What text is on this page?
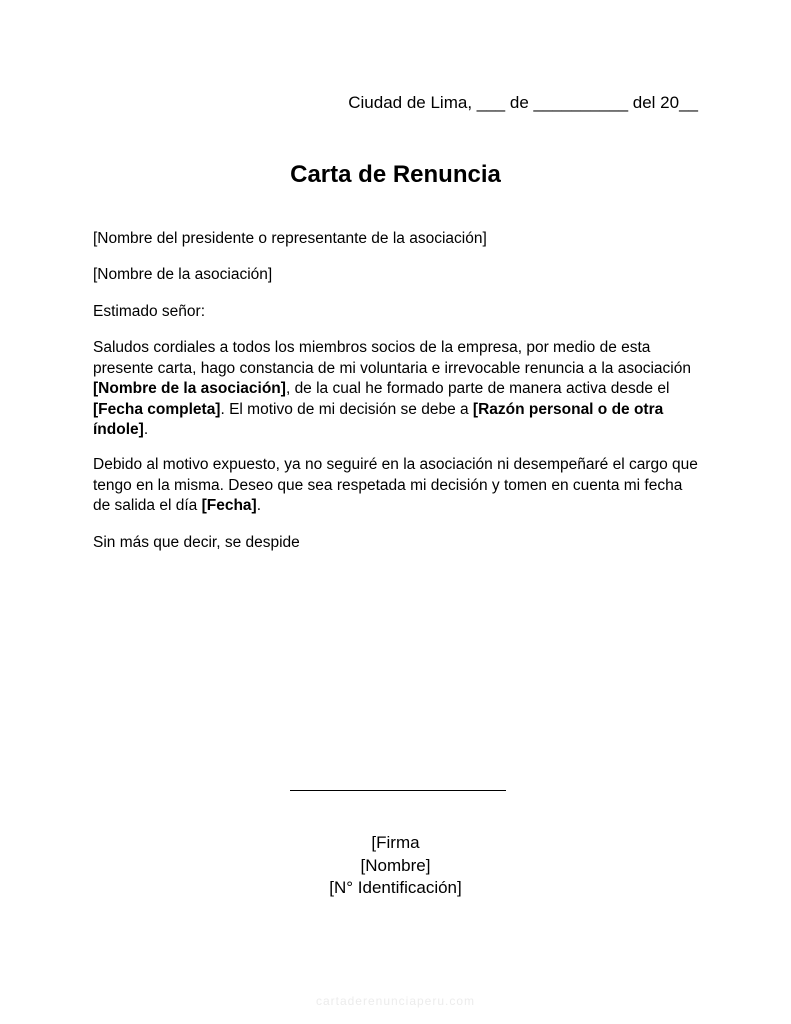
Ciudad de Lima, ___ de __________ del 20__
Carta de Renuncia

[Nombre del presidente o representante de la asociación]

[Nombre de la asociación]

Estimado señor:

Saludos cordiales a todos los miembros socios de la empresa, por medio de esta presente carta, hago constancia de mi voluntaria e irrevocable renuncia a la asociación [Nombre de la asociación], de la cual he formado parte de manera activa desde el [Fecha completa]. El motivo de mi decisión se debe a [Razón personal o de otra índole].

Debido al motivo expuesto, ya no seguiré en la asociación ni desempeñaré el cargo que tengo en la misma. Deseo que sea respetada mi decisión y tomen en cuenta mi fecha de salida el día [Fecha].

Sin más que decir, se despide

[Firma
[Nombre]
[N° Identificación]
cartaderenunciaperu.com
